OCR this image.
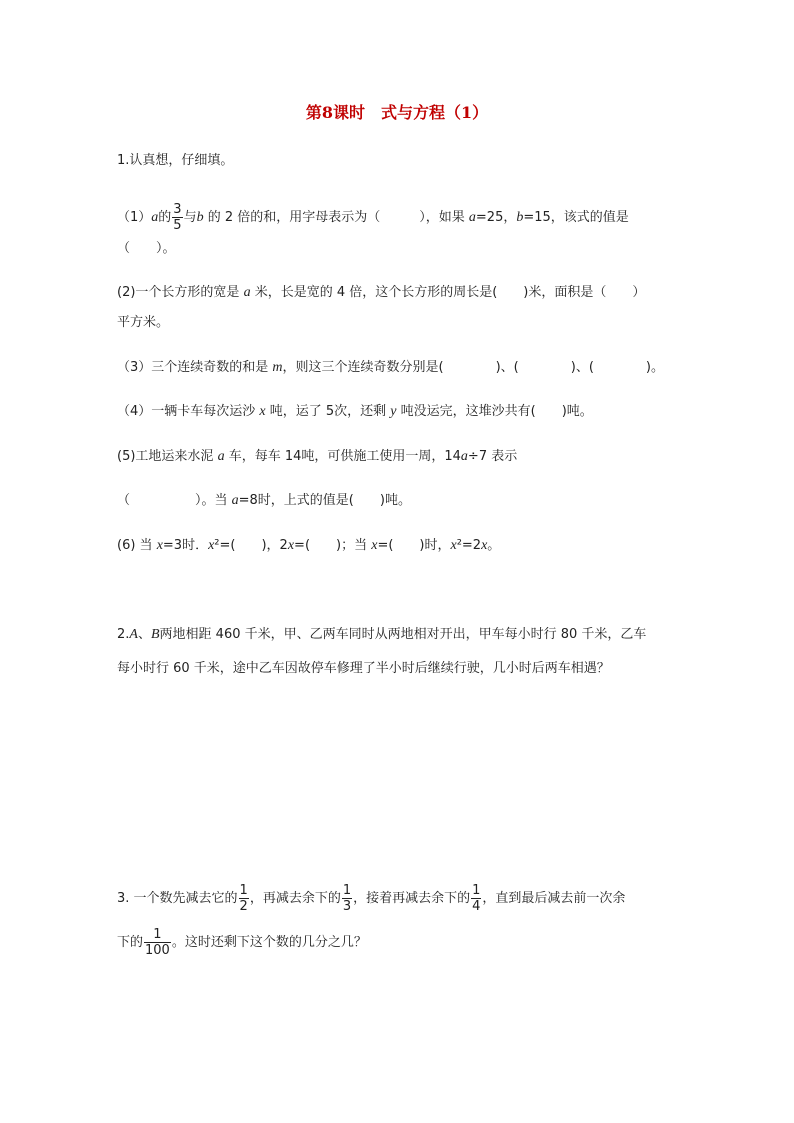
第8课时　式与方程（1）
1.认真想，仔细填。
（1）a的 $\frac{3}{5}$ 与b 的 2 倍的和，用字母表示为（　　　），如果 a=25，b=15，该式的值是
（　　）。
(2)一个长方形的宽是 a 米，长是宽的 4 倍，这个长方形的周长是(　　)米，面积是（　　）
平方米。
（3）三个连续奇数的和是 m，则这三个连续奇数分别是(　　　　)、(　　　　)、(　　　　)。
（4）一辆卡车每次运沙 x 吨，运了 5次，还剩 y 吨没运完，这堆沙共有(　　)吨。
(5)工地运来水泥 a 车，每车 14吨，可供施工使用一周，14a÷7 表示
（　　　　　）。当 a=8时，上式的值是(　　)吨。
(6) 当 x=3时．x²=(　　)，2x=(　　)；当 x=(　　)时，x²=2x。
2.A、B两地相距 460 千米，甲、乙两车同时从两地相对开出，甲车每小时行 80 千米，乙车
每小时行 60 千米，途中乙车因故停车修理了半小时后继续行驶，几小时后两车相遇？
3. 一个数先减去它的 $\frac{1}{2}$ ，再减去余下的 $\frac{1}{3}$ ，接着再减去余下的 $\frac{1}{4}$ ，直到最后减去前一次余
下的 $\frac{1}{100}$ 。这时还剩下这个数的几分之几？
